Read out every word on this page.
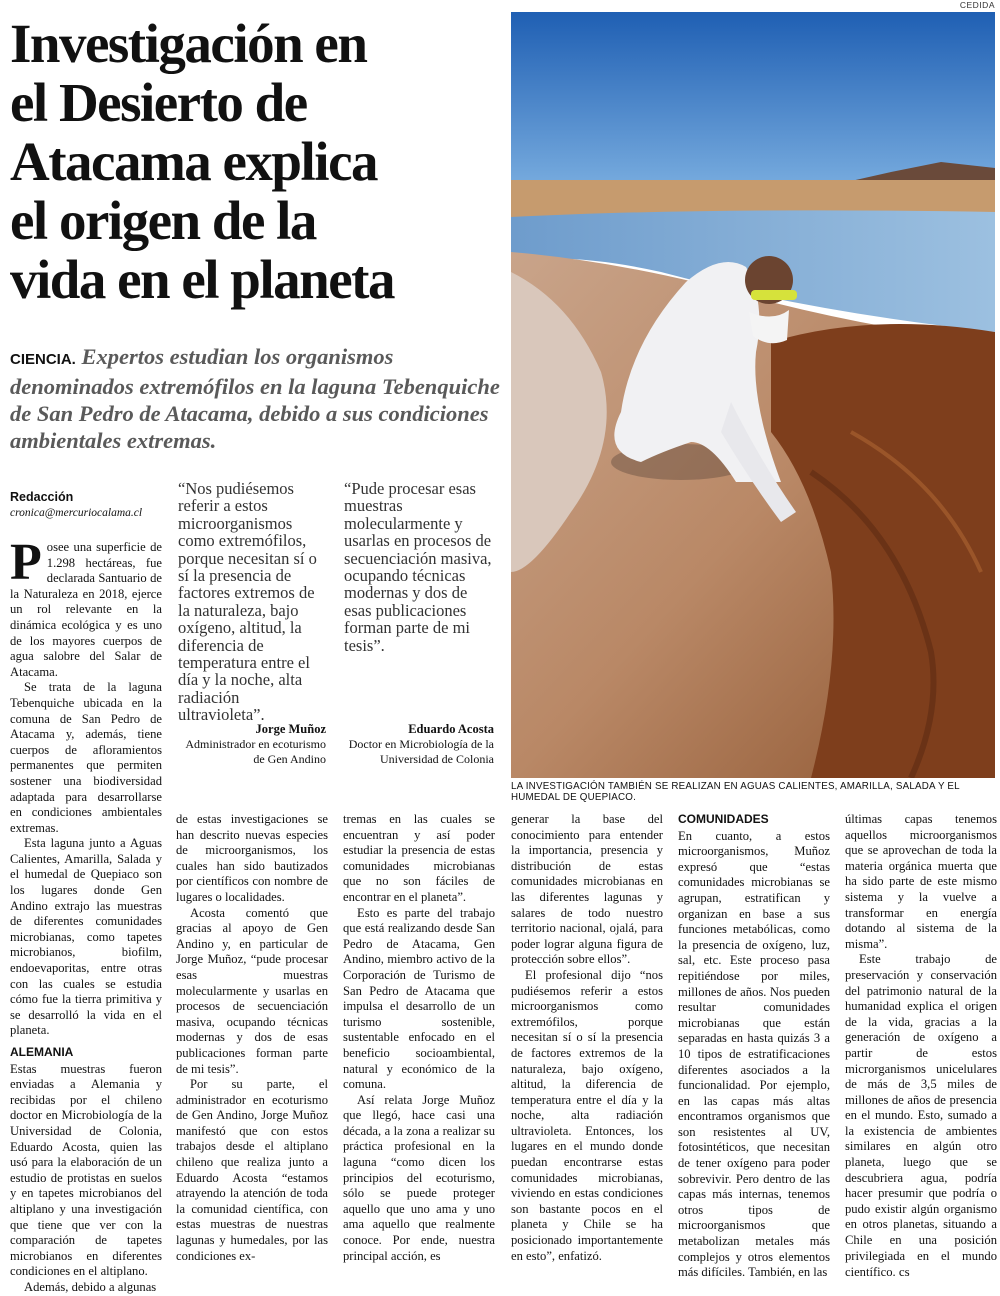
Investigación en
el Desierto de
Atacama explica
el origen de la
vida en el planeta
CIENCIA. Expertos estudian los organismos denominados extremófilos en la laguna Tebenquiche de San Pedro de Atacama, debido a sus condiciones ambientales extremas.
Redacción
cronica@mercuriocalama.cl
“Nos pudiésemos referir a estos microorganismos como extremófilos, porque necesitan sí o sí la presencia de factores extremos de la naturaleza, bajo oxígeno, altitud, la diferencia de temperatura entre el día y la noche, alta radiación ultravioleta”.
Jorge Muñoz
Administrador en ecoturismo de Gen Andino
“Pude procesar esas muestras molecularmente y usarlas en procesos de secuenciación masiva, ocupando técnicas modernas y dos de esas publicaciones forman parte de mi tesis”.
Eduardo Acosta
Doctor en Microbiología de la Universidad de Colonia
CEDIDA
LA INVESTIGACIÓN TAMBIÉN SE REALIZAN EN AGUAS CALIENTES, AMARILLA, SALADA Y EL HUMEDAL DE QUEPIACO.

Posee una superficie de 1.298 hectáreas, fue declarada Santuario de la Naturaleza en 2018, ejerce un rol relevante en la dinámica ecológica y es uno de los mayores cuerpos de agua salobre del Salar de Atacama.

Se trata de la laguna Tebenquiche ubicada en la comuna de San Pedro de Atacama y, además, tiene cuerpos de afloramientos permanentes que permiten sostener una biodiversidad adaptada para desarrollarse en condiciones ambientales extremas.

Esta laguna junto a Aguas Calientes, Amarilla, Salada y el humedal de Quepiaco son los lugares donde Gen Andino extrajo las muestras de diferentes comunidades microbianas, como tapetes microbianos, biofilm, endoevaporitas, entre otras con las cuales se estudia cómo fue la tierra primitiva y se desarrolló la vida en el planeta.

ALEMANIA

Estas muestras fueron enviadas a Alemania y recibidas por el chileno doctor en Microbiología de la Universidad de Colonia, Eduardo Acosta, quien las usó para la elaboración de un estudio de protistas en suelos y en tapetes microbianos del altiplano y una investigación que tiene que ver con la comparación de tapetes microbianos en diferentes condiciones en el altiplano.

Además, debido a algunas

de estas investigaciones se han descrito nuevas especies de microorganismos, los cuales han sido bautizados por científicos con nombre de lugares o localidades.

Acosta comentó que gracias al apoyo de Gen Andino y, en particular de Jorge Muñoz, “pude procesar esas muestras molecularmente y usarlas en procesos de secuenciación masiva, ocupando técnicas modernas y dos de esas publicaciones forman parte de mi tesis”.

Por su parte, el administrador en ecoturismo de Gen Andino, Jorge Muñoz manifestó que con estos trabajos desde el altiplano chileno que realiza junto a Eduardo Acosta “estamos atrayendo la atención de toda la comunidad científica, con estas muestras de nuestras lagunas y humedales, por las condiciones ex-

tremas en las cuales se encuentran y así poder estudiar la presencia de estas comunidades microbianas que no son fáciles de encontrar en el planeta”.

Esto es parte del trabajo que está realizando desde San Pedro de Atacama, Gen Andino, miembro activo de la Corporación de Turismo de San Pedro de Atacama que impulsa el desarrollo de un turismo sostenible, sustentable enfocado en el beneficio socioambiental, natural y económico de la comuna.

Así relata Jorge Muñoz que llegó, hace casi una década, a la zona a realizar su práctica profesional en la laguna “como dicen los principios del ecoturismo, sólo se puede proteger aquello que uno ama y uno ama aquello que realmente conoce. Por ende, nuestra principal acción, es

generar la base del conocimiento para entender la importancia, presencia y distribución de estas comunidades microbianas en las diferentes lagunas y salares de todo nuestro territorio nacional, ojalá, para poder lograr alguna figura de protección sobre ellos”.

El profesional dijo “nos pudiésemos referir a estos microorganismos como extremófilos, porque necesitan sí o sí la presencia de factores extremos de la naturaleza, bajo oxígeno, altitud, la diferencia de temperatura entre el día y la noche, alta radiación ultravioleta. Entonces, los lugares en el mundo donde puedan encontrarse estas comunidades microbianas, viviendo en estas condiciones son bastante pocos en el planeta y Chile se ha posicionado importantemente en esto”, enfatizó.

COMUNIDADES

En cuanto, a estos microorganismos, Muñoz expresó que “estas comunidades microbianas se agrupan, estratifican y organizan en base a sus funciones metabólicas, como la presencia de oxígeno, luz, sal, etc. Este proceso pasa repitiéndose por miles, millones de años. Nos pueden resultar comunidades microbianas que están separadas en hasta quizás 3 a 10 tipos de estratificaciones diferentes asociados a la funcionalidad. Por ejemplo, en las capas más altas encontramos organismos que son resistentes al UV, fotosintéticos, que necesitan de tener oxígeno para poder sobrevivir. Pero dentro de las capas más internas, tenemos otros tipos de microorganismos que metabolizan metales más complejos y otros elementos más difíciles. También, en las

últimas capas tenemos aquellos microorganismos que se aprovechan de toda la materia orgánica muerta que ha sido parte de este mismo sistema y la vuelve a transformar en energía dotando al sistema de la misma”.

Este trabajo de preservación y conservación del patrimonio natural de la humanidad explica el origen de la vida, gracias a la generación de oxígeno a partir de estos microrganismos unicelulares de más de 3,5 miles de millones de años de presencia en el mundo. Esto, sumado a la existencia de ambientes similares en algún otro planeta, luego que se descubriera agua, podría hacer presumir que podría o pudo existir algún organismo en otros planetas, situando a Chile en una posición privilegiada en el mundo científico. cs
